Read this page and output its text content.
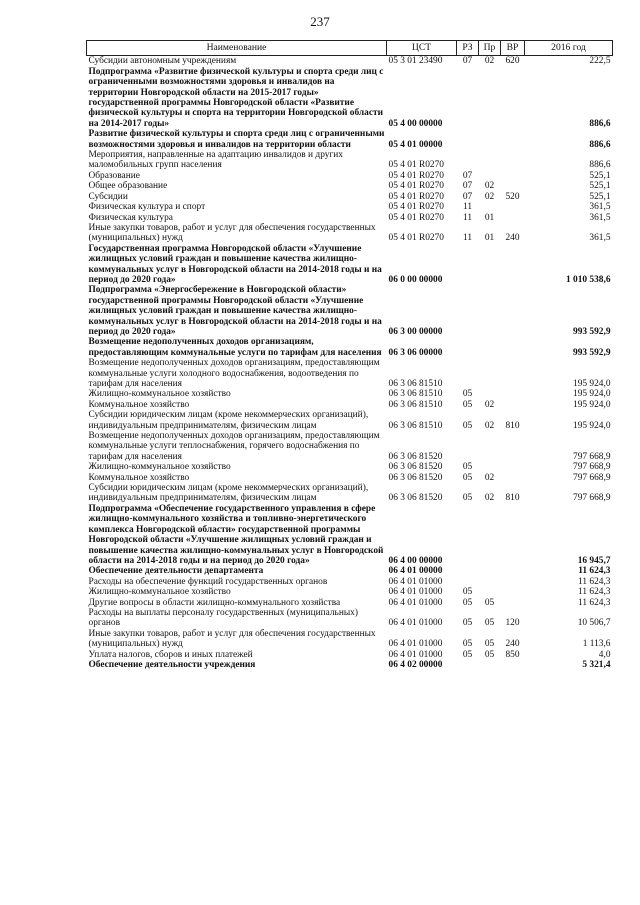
237
Наименование	ЦСТ	РЗ	Пр	ВР	2016 год
Субсидии автономным учреждениям	05 3 01 23490	07	02	620	222,5
Подпрограмма «Развитие физической культуры и спорта среди лиц с ограниченными возможностями здоровья и инвалидов на территории Новгородской области на 2015-2017 годы» государственной программы Новгородской области «Развитие физической культуры и спорта на территории Новгородской области на 2014-2017 годы»	05 4 00 00000				886,6
Развитие физической культуры и спорта среди лиц с ограниченными возможностями здоровья и инвалидов на территории области	05 4 01 00000				886,6
Мероприятия, направленные на адаптацию инвалидов и других маломобильных групп населения	05 4 01 R0270				886,6
Образование	05 4 01 R0270	07			525,1
Общее образование	05 4 01 R0270	07	02		525,1
Субсидии	05 4 01 R0270	07	02	520	525,1
Физическая культура и спорт	05 4 01 R0270	11			361,5
Физическая культура	05 4 01 R0270	11	01		361,5
Иные закупки товаров, работ и услуг для обеспечения государственных (муниципальных) нужд	05 4 01 R0270	11	01	240	361,5
Государственная программа Новгородской области «Улучшение жилищных условий граждан и повышение качества жилищно-коммунальных услуг в Новгородской области на 2014-2018 годы и на период до 2020 года»	06 0 00 00000				1 010 538,6
Подпрограмма «Энергосбережение в Новгородской области» государственной программы Новгородской области «Улучшение жилищных условий граждан и повышение качества жилищно-коммунальных услуг в Новгородской области на 2014-2018 годы и на период до 2020 года»	06 3 00 00000				993 592,9
Возмещение недополученных доходов организациям, предоставляющим коммунальные услуги по тарифам для населения	06 3 06 00000				993 592,9
Возмещение недополученных доходов организациям, предоставляющим коммунальные услуги холодного водоснабжения, водоотведения по тарифам для населения	06 3 06 81510				195 924,0
Жилищно-коммунальное хозяйство	06 3 06 81510	05			195 924,0
Коммунальное хозяйство	06 3 06 81510	05	02		195 924,0
Субсидии юридическим лицам (кроме некоммерческих организаций), индивидуальным предпринимателям, физическим лицам	06 3 06 81510	05	02	810	195 924,0
Возмещение недополученных доходов организациям, предоставляющим коммунальные услуги теплоснабжения, горячего водоснабжения по тарифам для населения	06 3 06 81520				797 668,9
Жилищно-коммунальное хозяйство	06 3 06 81520	05			797 668,9
Коммунальное хозяйство	06 3 06 81520	05	02		797 668,9
Субсидии юридическим лицам (кроме некоммерческих организаций), индивидуальным предпринимателям, физическим лицам	06 3 06 81520	05	02	810	797 668,9
Подпрограмма «Обеспечение государственного управления в сфере жилищно-коммунального хозяйства и топливно-энергетического комплекса Новгородской области» государственной программы Новгородской области «Улучшение жилищных условий граждан и повышение качества жилищно-коммунальных услуг в Новгородской области на 2014-2018 годы и на период до 2020 года»	06 4 00 00000				16 945,7
Обеспечение деятельности департамента	06 4 01 00000				11 624,3
Расходы на обеспечение функций государственных органов	06 4 01 01000				11 624,3
Жилищно-коммунальное хозяйство	06 4 01 01000	05			11 624,3
Другие вопросы в области жилищно-коммунального хозяйства	06 4 01 01000	05	05		11 624,3
Расходы на выплаты персоналу государственных (муниципальных) органов	06 4 01 01000	05	05	120	10 506,7
Иные закупки товаров, работ и услуг для обеспечения государственных (муниципальных) нужд	06 4 01 01000	05	05	240	1 113,6
Уплата налогов, сборов и иных платежей	06 4 01 01000	05	05	850	4,0
Обеспечение деятельности учреждения	06 4 02 00000				5 321,4
